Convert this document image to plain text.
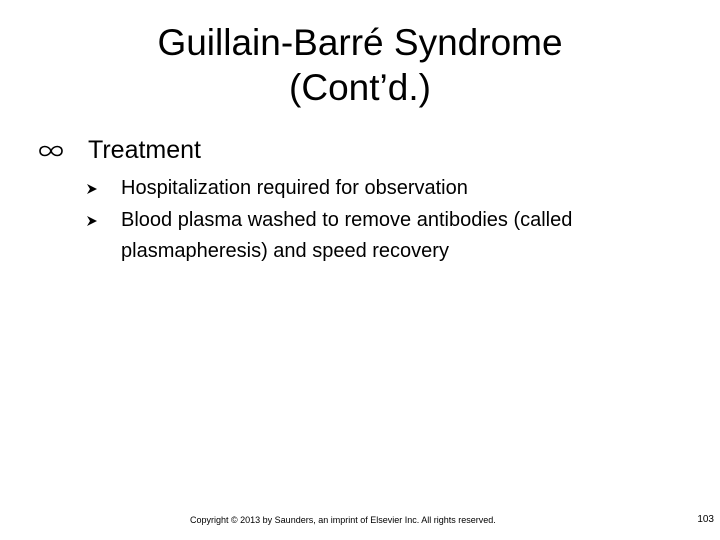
Guillain-Barré Syndrome
(Cont’d.)
Treatment
Hospitalization required for observation
Blood plasma washed to remove antibodies (called
plasmapheresis) and speed recovery
Copyright © 2013 by Saunders, an imprint of Elsevier Inc. All rights reserved.	103
